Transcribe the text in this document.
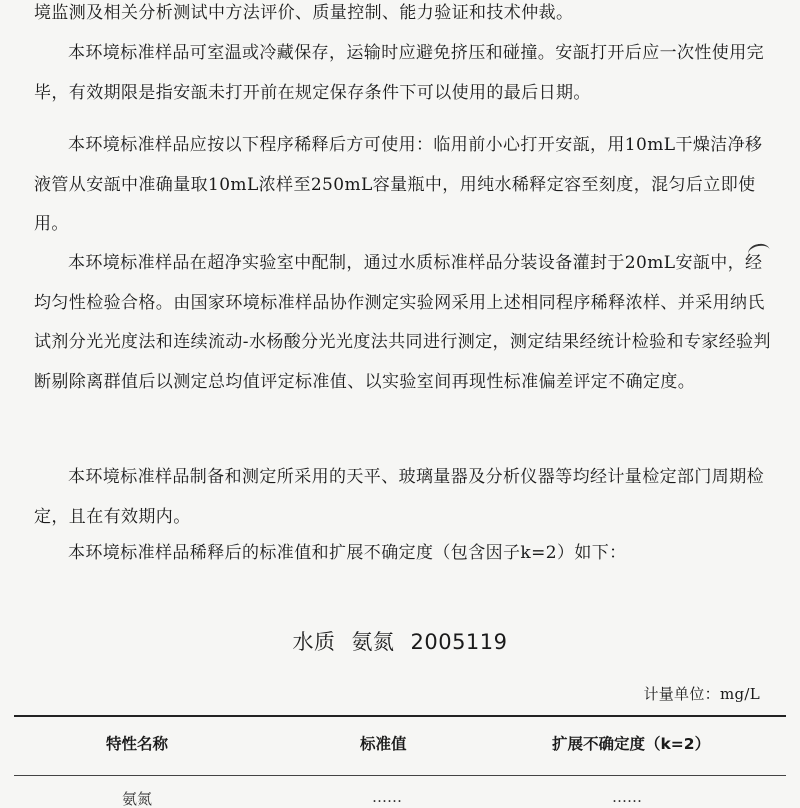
境监测及相关分析测试中方法评价、质量控制、能力验证和技术仲裁。

本环境标准样品可室温或冷藏保存，运输时应避免挤压和碰撞。安瓿打开后应一次性使用完毕，有效期限是指安瓿未打开前在规定保存条件下可以使用的最后日期。

本环境标准样品应按以下程序稀释后方可使用：临用前小心打开安瓿，用10mL干燥洁净移液管从安瓿中准确量取10mL浓样至250mL容量瓶中，用纯水稀释定容至刻度，混匀后立即使用。

本环境标准样品在超净实验室中配制，通过水质标准样品分装设备灌封于20mL安瓿中，经均匀性检验合格。由国家环境标准样品协作测定实验网采用上述相同程序稀释浓样、并采用纳氏试剂分光光度法和连续流动-水杨酸分光光度法共同进行测定，测定结果经统计检验和专家经验判断剔除离群值后以测定总均值评定标准值、以实验室间再现性标准偏差评定不确定度。

本环境标准样品制备和测定所采用的天平、玻璃量器及分析仪器等均经计量检定部门周期检定，且在有效期内。

本环境标准样品稀释后的标准值和扩展不确定度（包含因子k=2）如下：

水质 氨氮 2005119
计量单位：mg/L
特性名称	标准值	扩展不确定度（k=2）
氨氮	……	……
